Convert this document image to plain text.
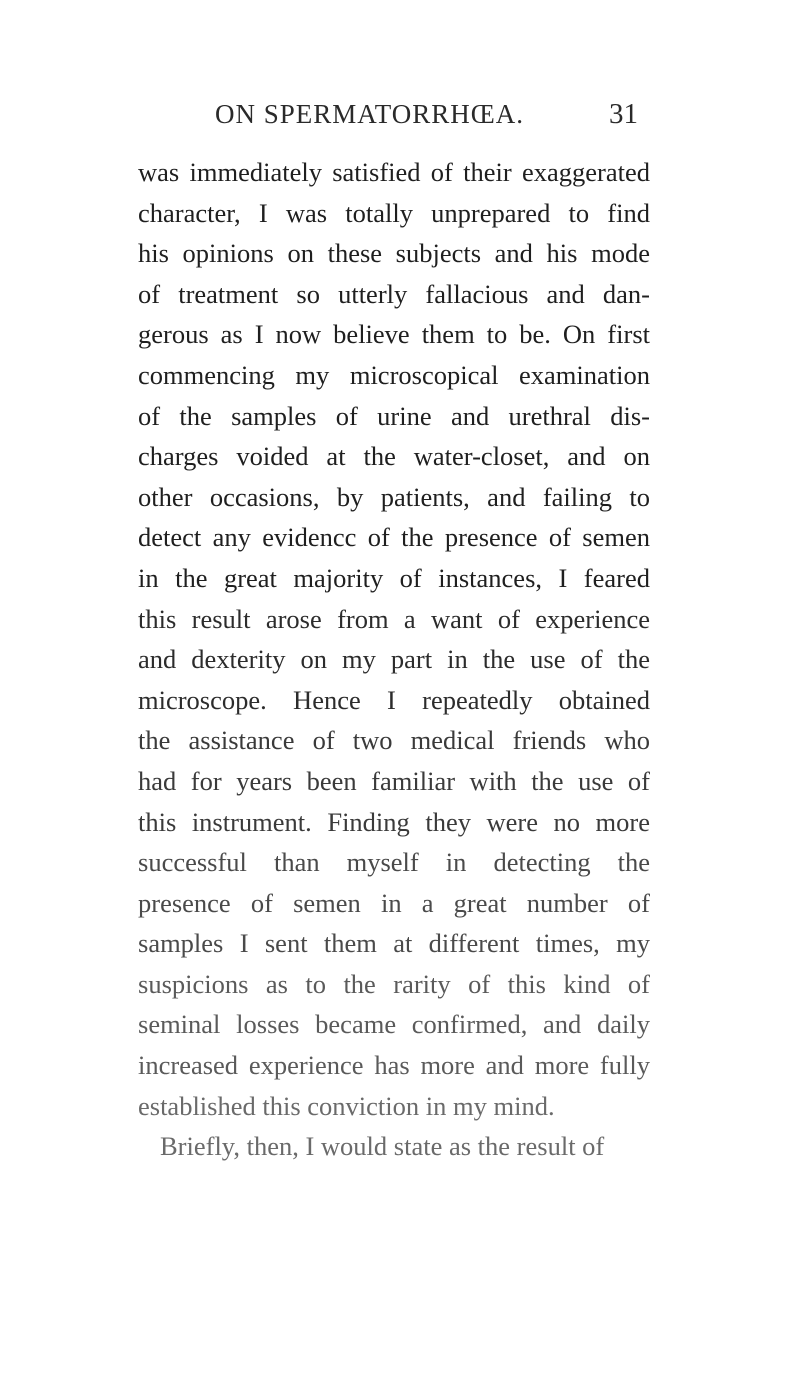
ON SPERMATORRHŒA.	31
was immediately satisfied of their exaggerated
character, I was totally unprepared to find
his opinions on these subjects and his mode
of treatment so utterly fallacious and dan-
gerous as I now believe them to be. On first
commencing my microscopical examination
of the samples of urine and urethral dis-
charges voided at the water-closet, and on
other occasions, by patients, and failing to
detect any evidencc of the presence of semen
in the great majority of instances, I feared
this result arose from a want of experience
and dexterity on my part in the use of the
microscope. Hence I repeatedly obtained
the assistance of two medical friends who
had for years been familiar with the use of
this instrument. Finding they were no more
successful than myself in detecting the
presence of semen in a great number of
samples I sent them at different times, my
suspicions as to the rarity of this kind of
seminal losses became confirmed, and daily
increased experience has more and more fully
established this conviction in my mind.
Briefly, then, I would state as the result of
